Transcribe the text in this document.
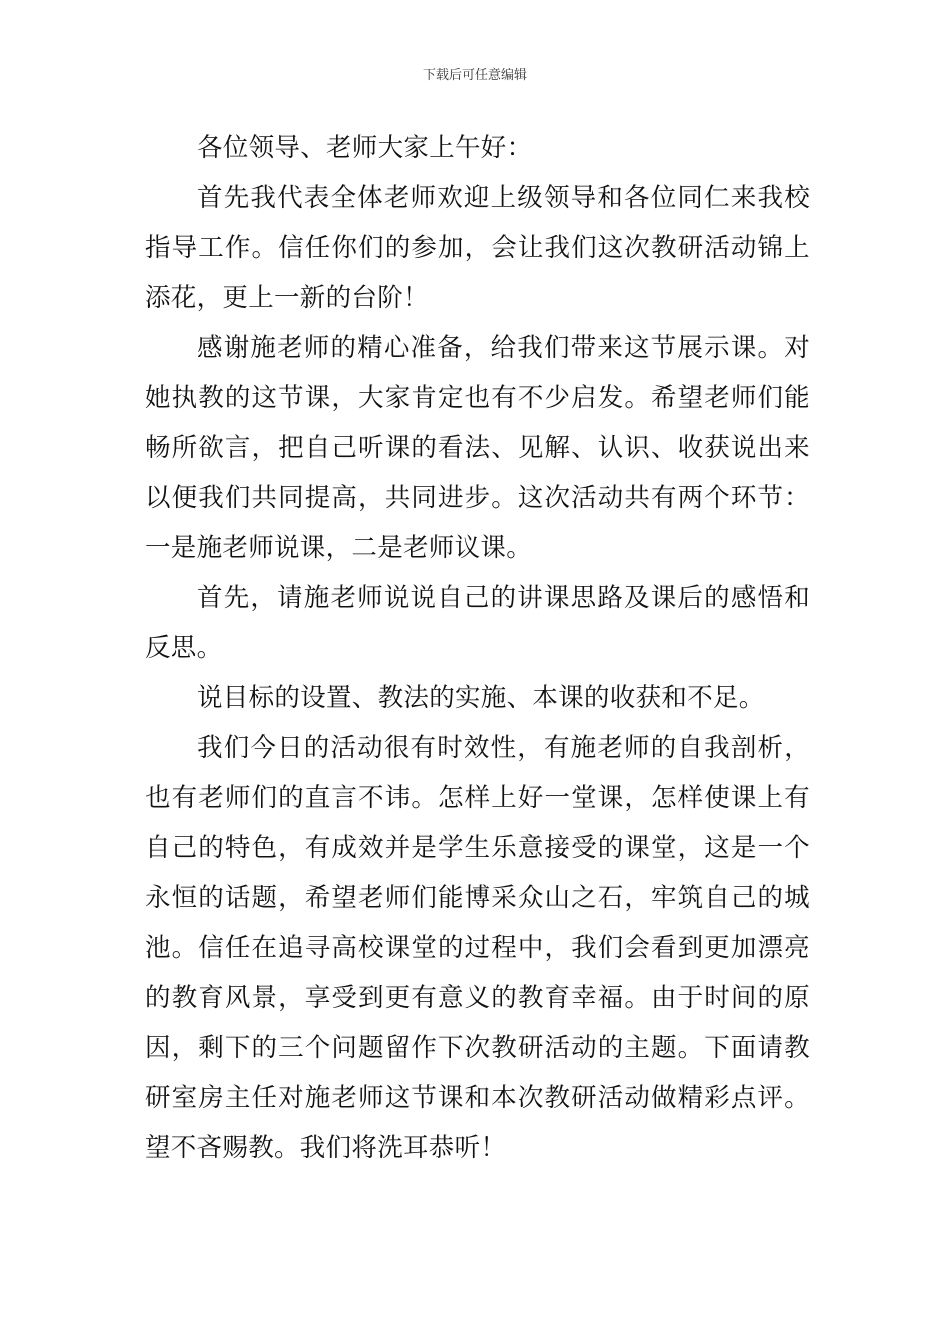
下载后可任意编辑

各位领导、老师大家上午好：

首先我代表全体老师欢迎上级领导和各位同仁来我校指导工作。信任你们的参加，会让我们这次教研活动锦上添花，更上一新的台阶！

感谢施老师的精心准备，给我们带来这节展示课。对她执教的这节课，大家肯定也有不少启发。希望老师们能畅所欲言，把自己听课的看法、见解、认识、收获说出来以便我们共同提高，共同进步。这次活动共有两个环节：一是施老师说课，二是老师议课。

首先，请施老师说说自己的讲课思路及课后的感悟和反思。

说目标的设置、教法的实施、本课的收获和不足。

我们今日的活动很有时效性，有施老师的自我剖析，也有老师们的直言不讳。怎样上好一堂课，怎样使课上有自己的特色，有成效并是学生乐意接受的课堂，这是一个永恒的话题，希望老师们能博采众山之石，牢筑自己的城池。信任在追寻高校课堂的过程中，我们会看到更加漂亮的教育风景，享受到更有意义的教育幸福。由于时间的原因，剩下的三个问题留作下次教研活动的主题。下面请教研室房主任对施老师这节课和本次教研活动做精彩点评。望不吝赐教。我们将洗耳恭听！
